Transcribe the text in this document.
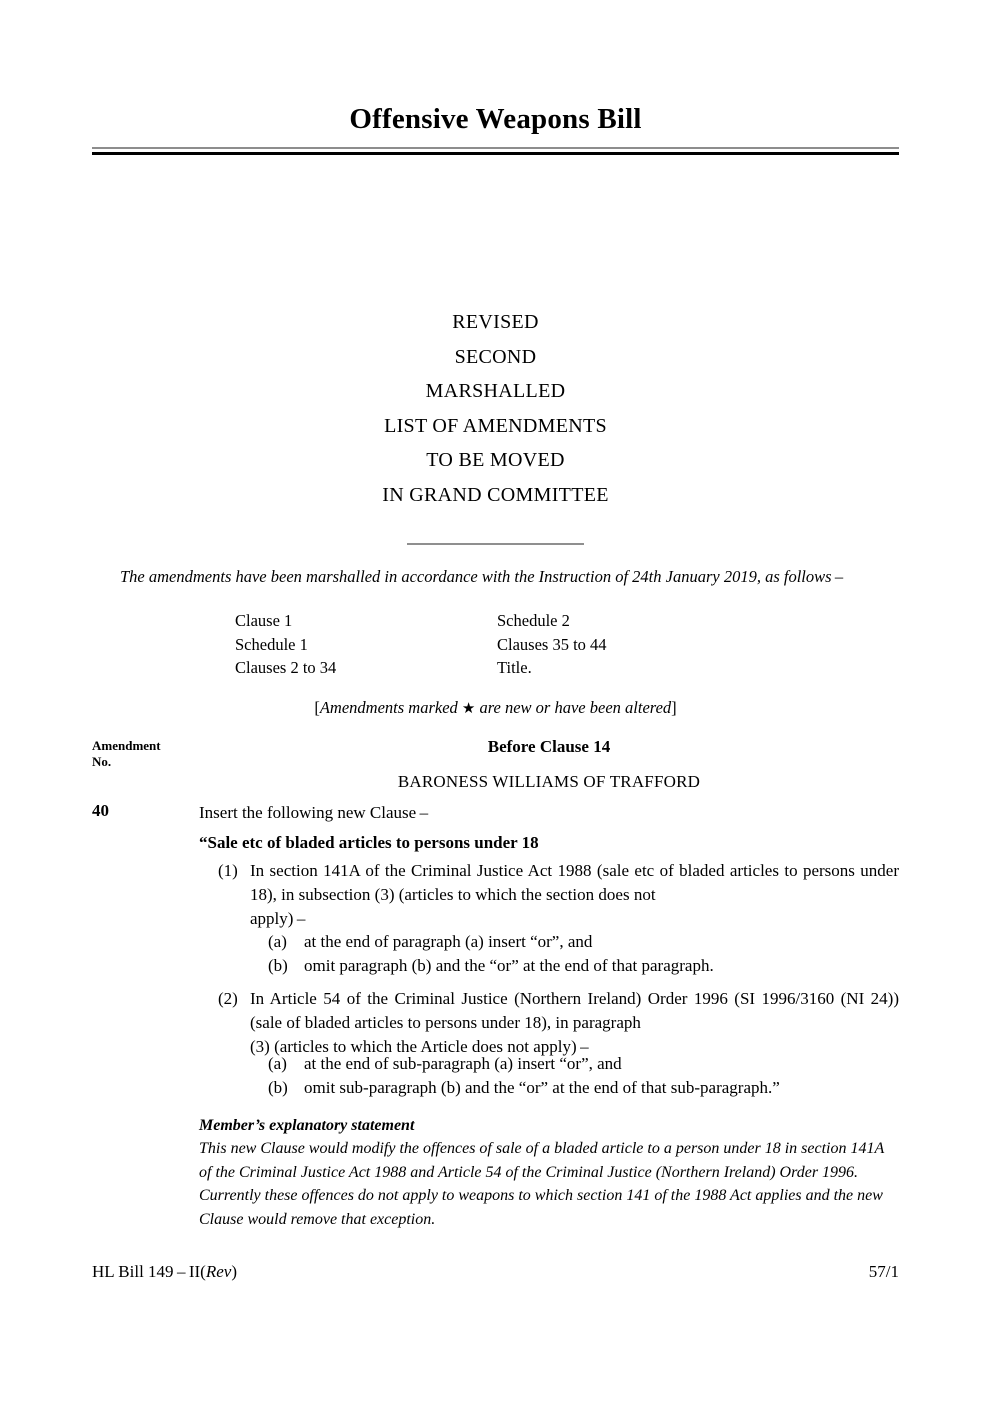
Offensive Weapons Bill
REVISED
SECOND
MARSHALLED
LIST OF AMENDMENTS
TO BE MOVED
IN GRAND COMMITTEE
The amendments have been marshalled in accordance with the Instruction of 24th January 2019, as follows –
Clause 1	Schedule 2
Schedule 1	Clauses 35 to 44
Clauses 2 to 34	Title.
[Amendments marked ★ are new or have been altered]
Amendment
No.
Before Clause 14
BARONESS WILLIAMS OF TRAFFORD
40	Insert the following new Clause –
“Sale etc of bladed articles to persons under 18
(1) In section 141A of the Criminal Justice Act 1988 (sale etc of bladed articles to persons under 18), in subsection (3) (articles to which the section does not
apply) –
(a)	at the end of paragraph (a) insert “or”, and
(b) omit paragraph (b) and the “or” at the end of that paragraph.
(2) In Article 54 of the Criminal Justice (Northern Ireland) Order 1996 (SI 1996/3160 (NI 24)) (sale of bladed articles to persons under 18), in paragraph
(3) (articles to which the Article does not apply) –
(a)	at the end of sub-paragraph (a) insert “or”, and
(b) omit sub-paragraph (b) and the “or” at the end of that sub-paragraph.”
Member’s explanatory statement
This new Clause would modify the offences of sale of a bladed article to a person under 18 in section 141A of the Criminal Justice Act 1988 and Article 54 of the Criminal Justice (Northern Ireland) Order 1996. Currently these offences do not apply to weapons to which section 141 of the 1988 Act applies and the new Clause would remove that exception.
HL Bill 149 – II(Rev)	57/1
